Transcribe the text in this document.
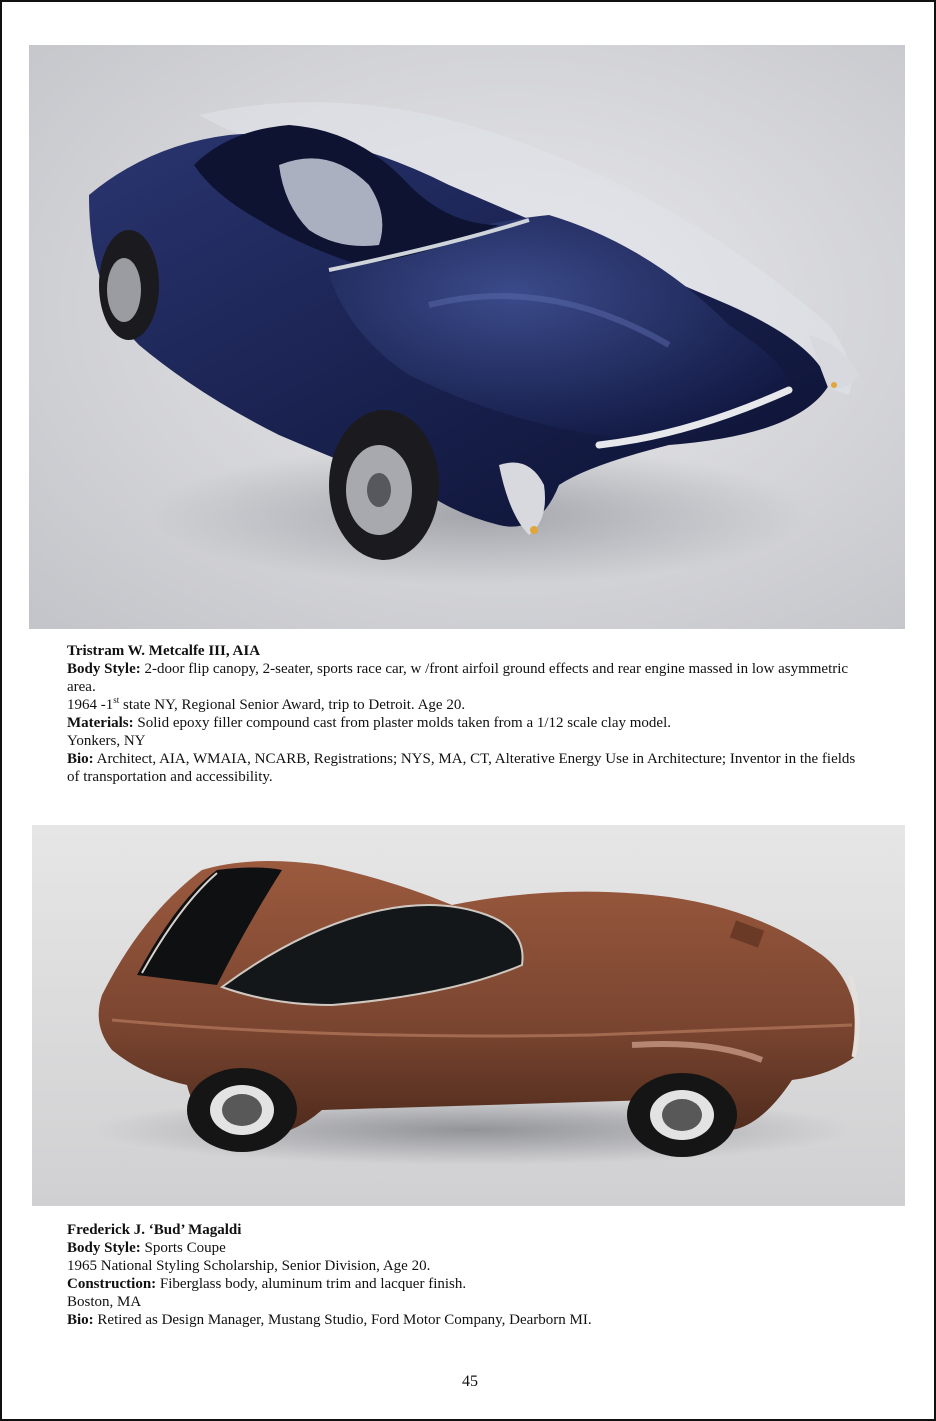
Tristram W. Metcalfe III, AIA
Body Style: 2-door flip canopy, 2-seater, sports race car, w /front airfoil ground effects and rear engine massed in low asymmetric area.
1964 -1st state NY, Regional Senior Award, trip to Detroit. Age 20.
Materials: Solid epoxy filler compound cast from plaster molds taken from a 1/12 scale clay model.
Yonkers, NY
Bio: Architect, AIA, WMAIA, NCARB, Registrations; NYS, MA, CT, Alterative Energy Use in Architecture; Inventor in the fields of transportation and accessibility.
Frederick J. ‘Bud’ Magaldi
Body Style: Sports Coupe
1965 National Styling Scholarship, Senior Division, Age 20.
Construction: Fiberglass body, aluminum trim and lacquer finish.
Boston, MA
Bio: Retired as Design Manager, Mustang Studio, Ford Motor Company, Dearborn MI.
45
